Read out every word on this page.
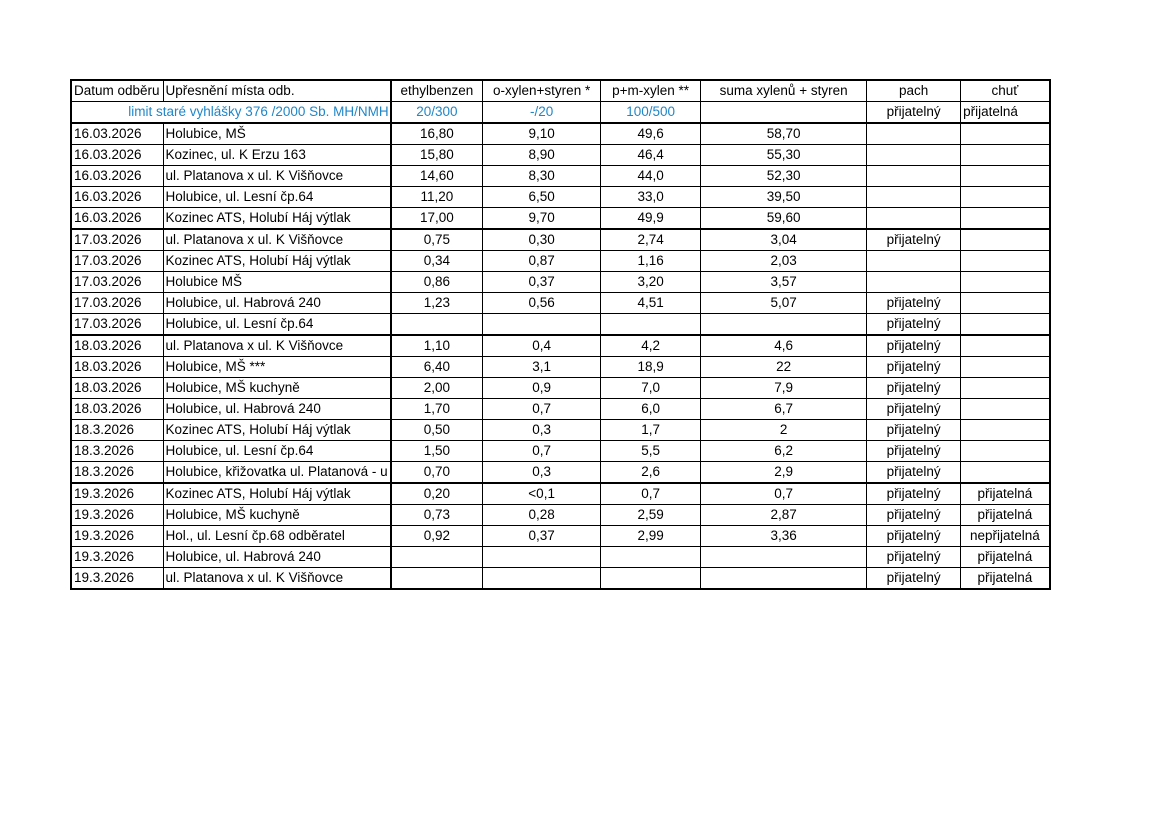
Datum odběru	Upřesnění místa odb.	ethylbenzen	o-xylen+styren *	p+m-xylen **	suma xylenů + styren	pach	chuť
limit staré vyhlášky 376 /2000 Sb. MH/NMH		20/300	-/20	100/500		přijatelný	přijatelná
16.03.2026	Holubice, MŠ	16,80	9,10	49,6	58,70		
16.03.2026	Kozinec, ul. K Erzu 163	15,80	8,90	46,4	55,30		
16.03.2026	ul. Platanova x ul. K Višňovce	14,60	8,30	44,0	52,30		
16.03.2026	Holubice, ul. Lesní čp.64	11,20	6,50	33,0	39,50		
16.03.2026	Kozinec ATS, Holubí Háj výtlak	17,00	9,70	49,9	59,60		
17.03.2026	ul. Platanova x ul. K Višňovce	0,75	0,30	2,74	3,04	přijatelný	
17.03.2026	Kozinec ATS, Holubí Háj výtlak	0,34	0,87	1,16	2,03		
17.03.2026	Holubice MŠ	0,86	0,37	3,20	3,57		
17.03.2026	Holubice, ul. Habrová 240	1,23	0,56	4,51	5,07	přijatelný	
17.03.2026	Holubice, ul. Lesní čp.64					přijatelný	
18.03.2026	ul. Platanova x ul. K Višňovce	1,10	0,4	4,2	4,6	přijatelný	
18.03.2026	Holubice, MŠ ***	6,40	3,1	18,9	22	přijatelný	
18.03.2026	Holubice, MŠ kuchyně	2,00	0,9	7,0	7,9	přijatelný	
18.03.2026	Holubice, ul. Habrová 240	1,70	0,7	6,0	6,7	přijatelný	
18.3.2026	Kozinec ATS, Holubí Háj výtlak	0,50	0,3	1,7	2	přijatelný	
18.3.2026	Holubice, ul. Lesní čp.64	1,50	0,7	5,5	6,2	přijatelný	
18.3.2026	Holubice, křižovatka ul. Platanová - u	0,70	0,3	2,6	2,9	přijatelný	
19.3.2026	Kozinec ATS, Holubí Háj výtlak	0,20	<0,1	0,7	0,7	přijatelný	přijatelná
19.3.2026	Holubice, MŠ kuchyně	0,73	0,28	2,59	2,87	přijatelný	přijatelná
19.3.2026	Hol., ul. Lesní čp.68 odběratel	0,92	0,37	2,99	3,36	přijatelný	nepřijatelná
19.3.2026	Holubice, ul. Habrová 240					přijatelný	přijatelná
19.3.2026	ul. Platanova x ul. K Višňovce					přijatelný	přijatelná
